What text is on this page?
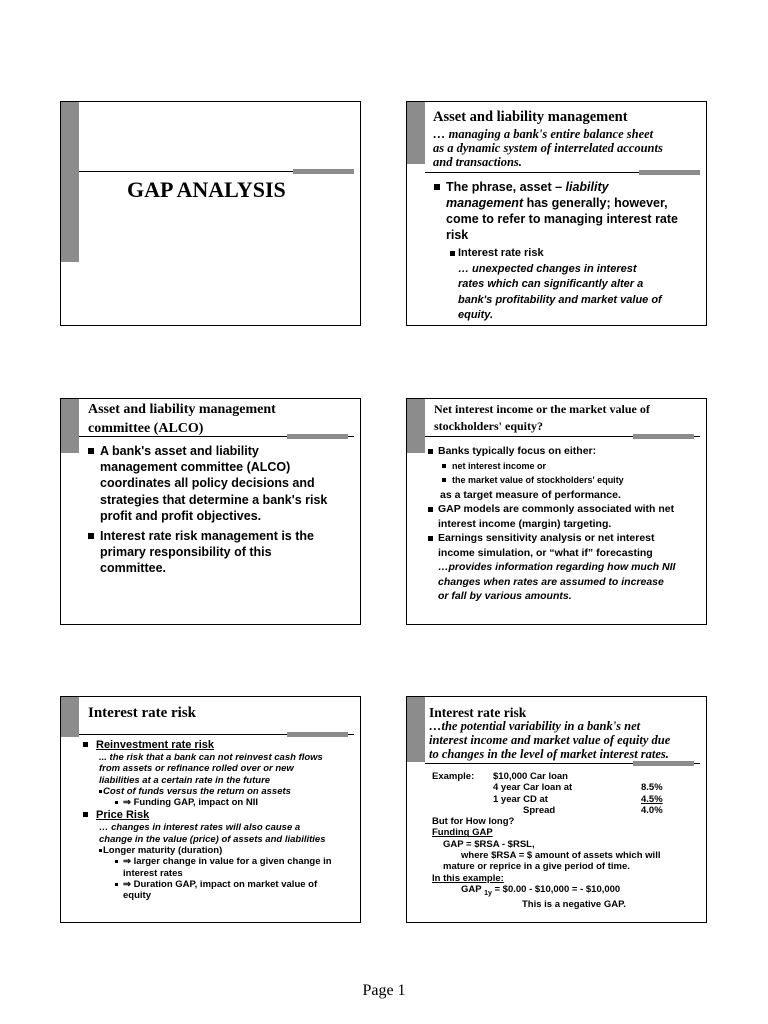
GAP ANALYSIS
Asset and liability management
… managing a bank's entire balance sheet
as a dynamic system of interrelated accounts
and transactions.
The phrase, asset – liability
management has generally; however,
come to refer to managing interest rate
risk
Interest rate risk
… unexpected changes in interest
rates which can significantly alter a
bank's profitability and market value of
equity.
Asset and liability management
committee (ALCO)
A bank's asset and liability
management committee (ALCO)
coordinates all policy decisions and
strategies that determine a bank's risk
profit and profit objectives.
Interest rate risk management is the
primary responsibility of this
committee.
Net interest income or the market value of
stockholders' equity?
Banks typically focus on either:
net interest income or
the market value of stockholders' equity
as a target measure of performance.
GAP models are commonly associated with net
interest income (margin) targeting.
Earnings sensitivity analysis or net interest
income simulation, or “what if” forecasting
…provides information regarding how much NII
changes when rates are assumed to increase
or fall by various amounts.
Interest rate risk
Reinvestment rate risk
... the risk that a bank can not reinvest cash flows
from assets or refinance rolled over or new
liabilities at a certain rate in the future
Cost of funds versus the return on assets
⇒ Funding GAP, impact on NII
Price Risk
… changes in interest rates will also cause a
change in the value (price) of assets and liabilities
Longer maturity (duration)
⇒ larger change in value for a given change in
interest rates
⇒ Duration GAP, impact on market value of
equity
Interest rate risk
…the potential variability in a bank's net
interest income and market value of equity due
to changes in the level of market interest rates.
Example: $10,000 Car loan
4 year Car loan at	8.5%
1 year CD at	4.5%
Spread	4.0%
But for How long?
Funding GAP
GAP = $RSA - $RSL,
where $RSA = $ amount of assets which will
mature or reprice in a give period of time.
In this example:
GAP $_{1y}$ = $0.00 - $10,000 = - $10,000
This is a negative GAP.
Page 1
